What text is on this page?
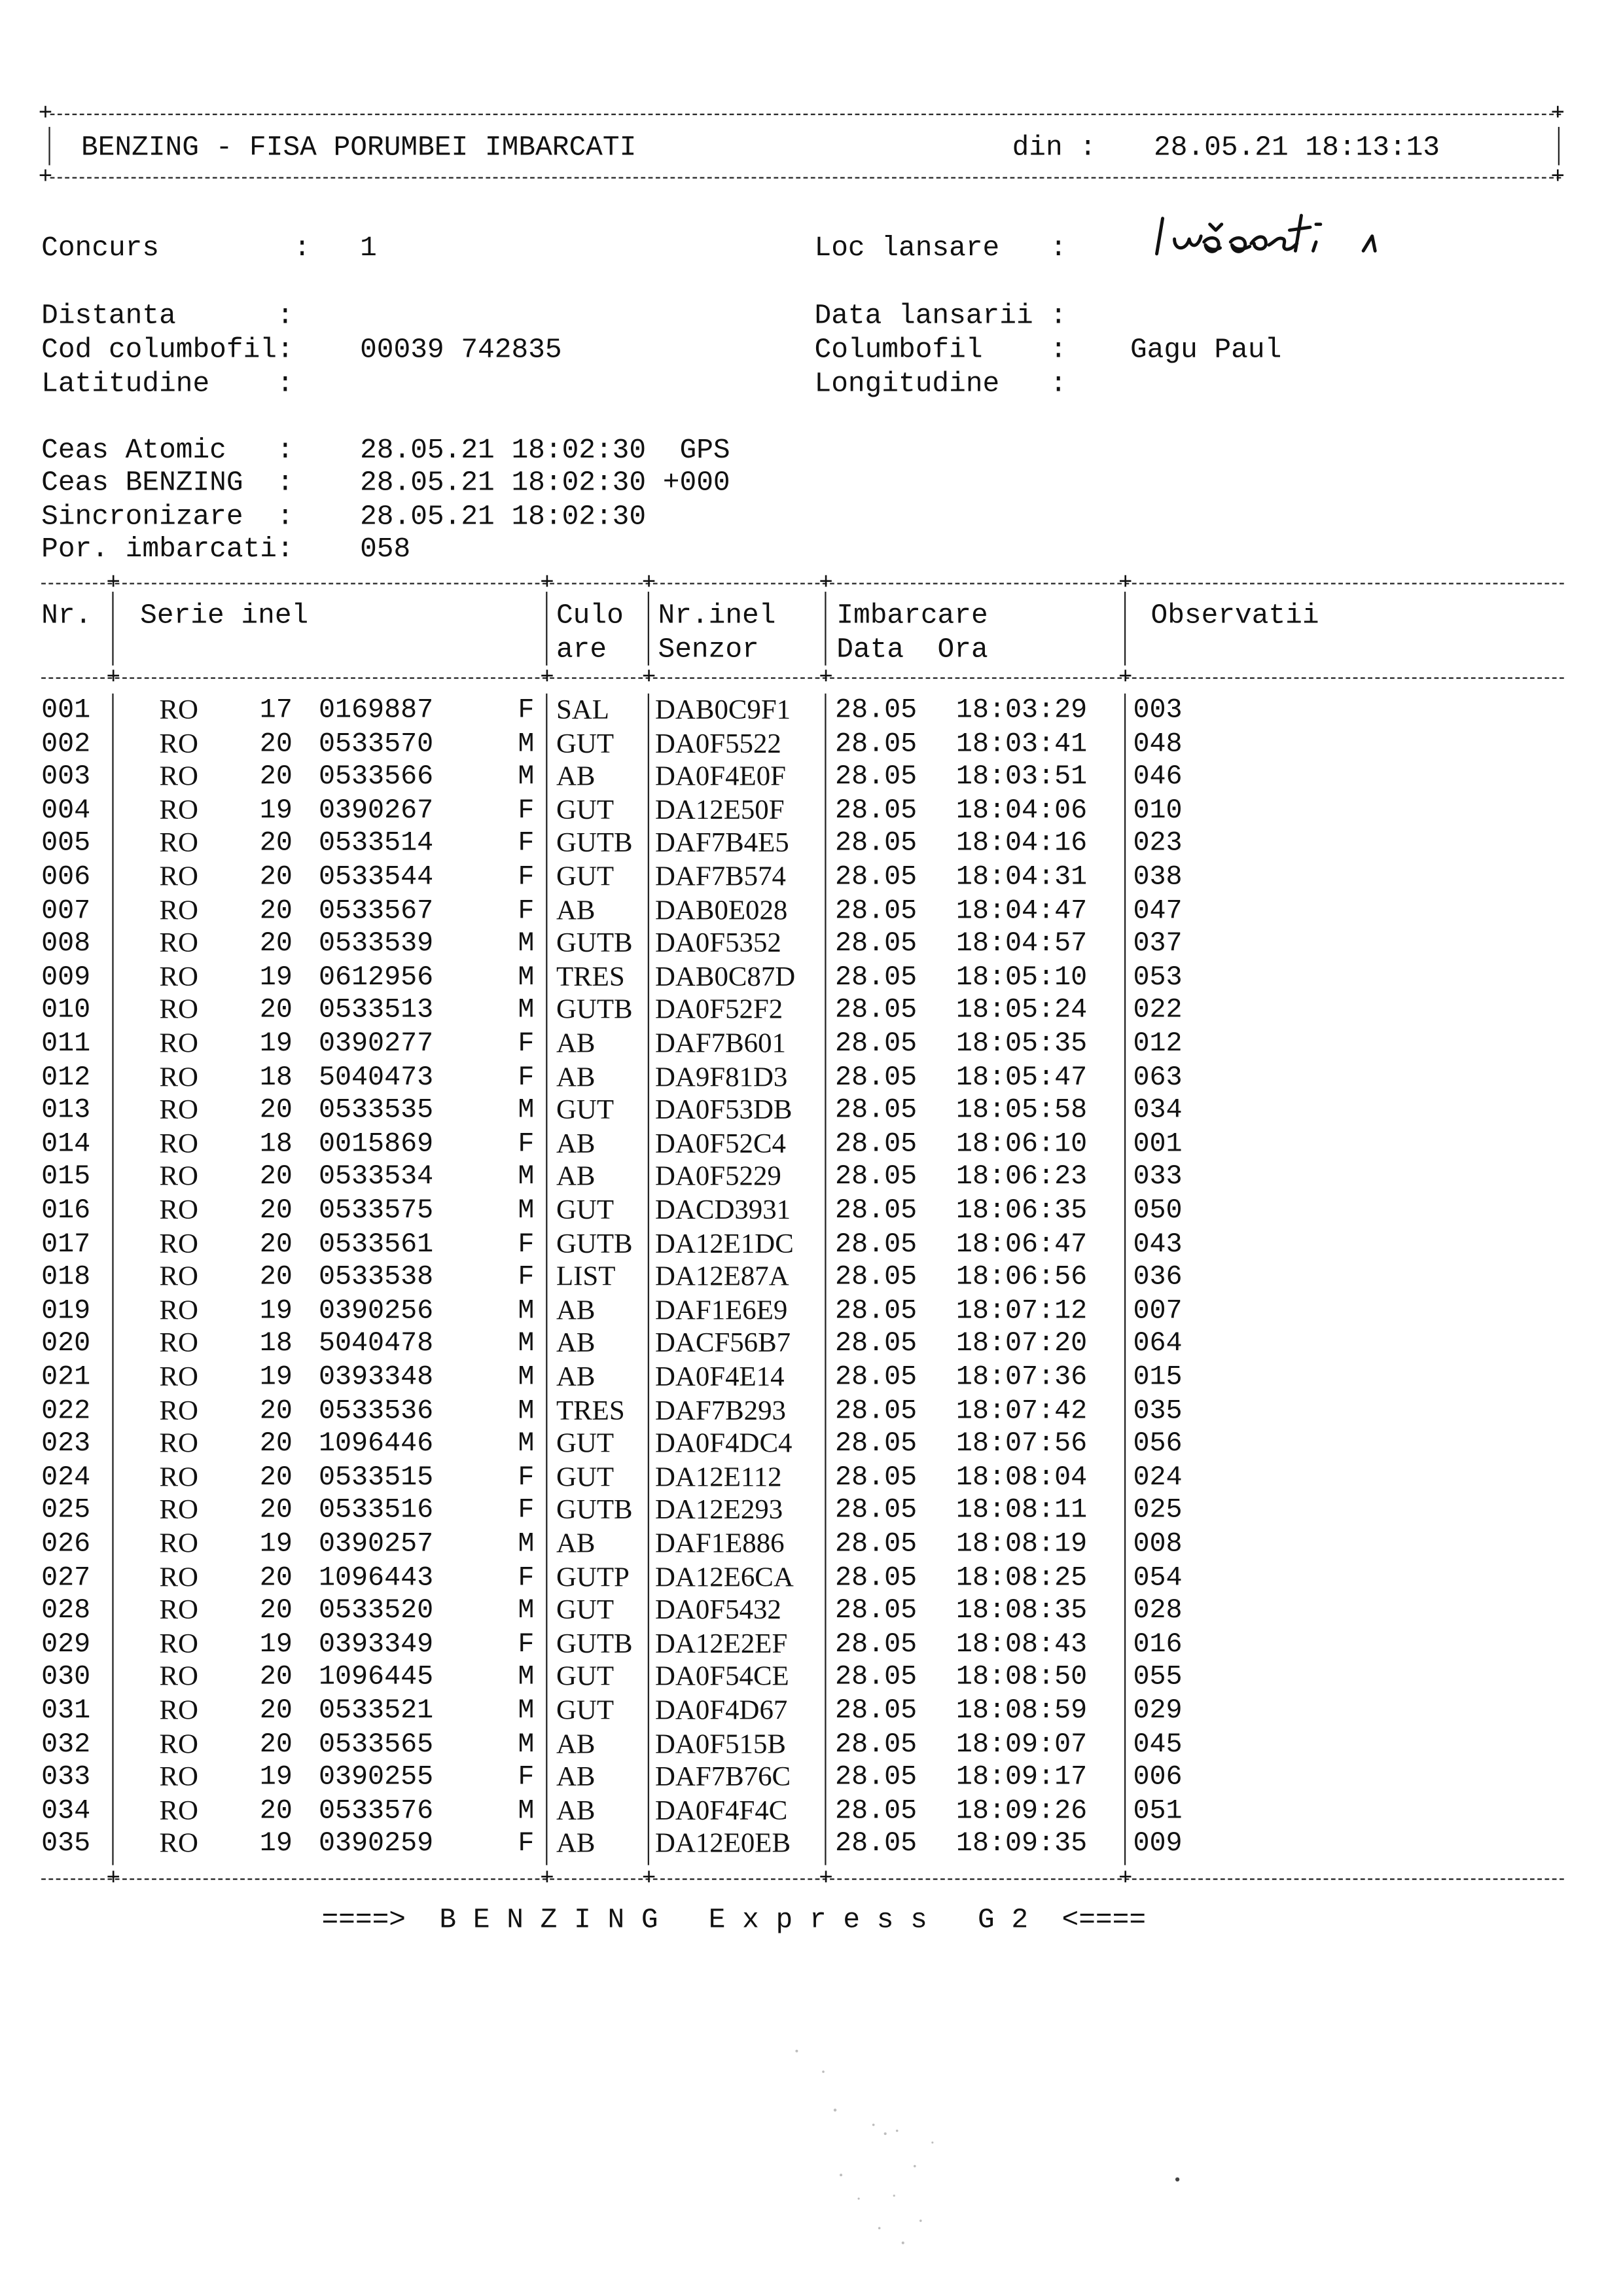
+	+
BENZING - FISA PORUMBEI IMBARCATI	din :	28.05.21 18:13:13
+	+
Concurs        :	1	Loc lansare   :
Distanta      :	Data lansarii :
Cod columbofil:	00039 742835	Columbofil    :	Gagu Paul
Latitudine    :	Longitudine   :
Ceas Atomic   :	28.05.21 18:02:30  GPS
Ceas BENZING  :	28.05.21 18:02:30 +000
Sincronizare  :	28.05.21 18:02:30
Por. imbarcati:	058
Nr.	Serie inel	Culo
are
Nr.inel
Senzor
Imbarcare
Data  Ora
Observatii
+	+	+	+	+
+	+	+	+	+
+	+	+	+	+
001	RO	17 0169887	F SAL	DAB0C9F1	28.05	18:03:29	003
002	RO	20 0533570	M GUT	DA0F5522	28.05	18:03:41	048
003	RO	20 0533566	M AB	DA0F4E0F	28.05	18:03:51	046
004	RO	19 0390267	F GUT	DA12E50F	28.05	18:04:06	010
005	RO	20 0533514	F GUTB DAF7B4E5	28.05	18:04:16	023
006	RO	20 0533544	F GUT	DAF7B574	28.05	18:04:31	038
007	RO	20 0533567	F AB	DAB0E028	28.05	18:04:47	047
008	RO	20 0533539	M GUTB DA0F5352	28.05	18:04:57	037
009	RO	19 0612956	M TRES DAB0C87D	28.05	18:05:10	053
010	RO	20 0533513	M GUTB DA0F52F2	28.05	18:05:24	022
011	RO	19 0390277	F AB	DAF7B601	28.05	18:05:35	012
012	RO	18 5040473	F AB	DA9F81D3	28.05	18:05:47	063
013	RO	20 0533535	M GUT	DA0F53DB	28.05	18:05:58	034
014	RO	18 0015869	F AB	DA0F52C4	28.05	18:06:10	001
015	RO	20 0533534	M AB	DA0F5229	28.05	18:06:23	033
016	RO	20 0533575	M GUT	DACD3931	28.05	18:06:35	050
017	RO	20 0533561	F GUTB DA12E1DC	28.05	18:06:47	043
018	RO	20 0533538	F LIST	DA12E87A	28.05	18:06:56	036
019	RO	19 0390256	M AB	DAF1E6E9	28.05	18:07:12	007
020	RO	18 5040478	M AB	DACF56B7	28.05	18:07:20	064
021	RO	19 0393348	M AB	DA0F4E14	28.05	18:07:36	015
022	RO	20 0533536	M TRES DAF7B293	28.05	18:07:42	035
023	RO	20 1096446	M GUT	DA0F4DC4	28.05	18:07:56	056
024	RO	20 0533515	F GUT	DA12E112	28.05	18:08:04	024
025	RO	20 0533516	F GUTB DA12E293	28.05	18:08:11	025
026	RO	19 0390257	M AB	DAF1E886	28.05	18:08:19	008
027	RO	20 1096443	F GUTP DA12E6CA	28.05	18:08:25	054
028	RO	20 0533520	M GUT	DA0F5432	28.05	18:08:35	028
029	RO	19 0393349	F GUTB DA12E2EF	28.05	18:08:43	016
030	RO	20 1096445	M GUT	DA0F54CE	28.05	18:08:50	055
031	RO	20 0533521	M GUT	DA0F4D67	28.05	18:08:59	029
032	RO	20 0533565	M AB	DA0F515B	28.05	18:09:07	045
033	RO	19 0390255	F AB	DAF7B76C	28.05	18:09:17	006
034	RO	20 0533576	M AB	DA0F4F4C	28.05	18:09:26	051
035	RO	19 0390259	F AB	DA12E0EB	28.05	18:09:35	009
====>  B E N Z I N G   E x p r e s s   G 2  <====
